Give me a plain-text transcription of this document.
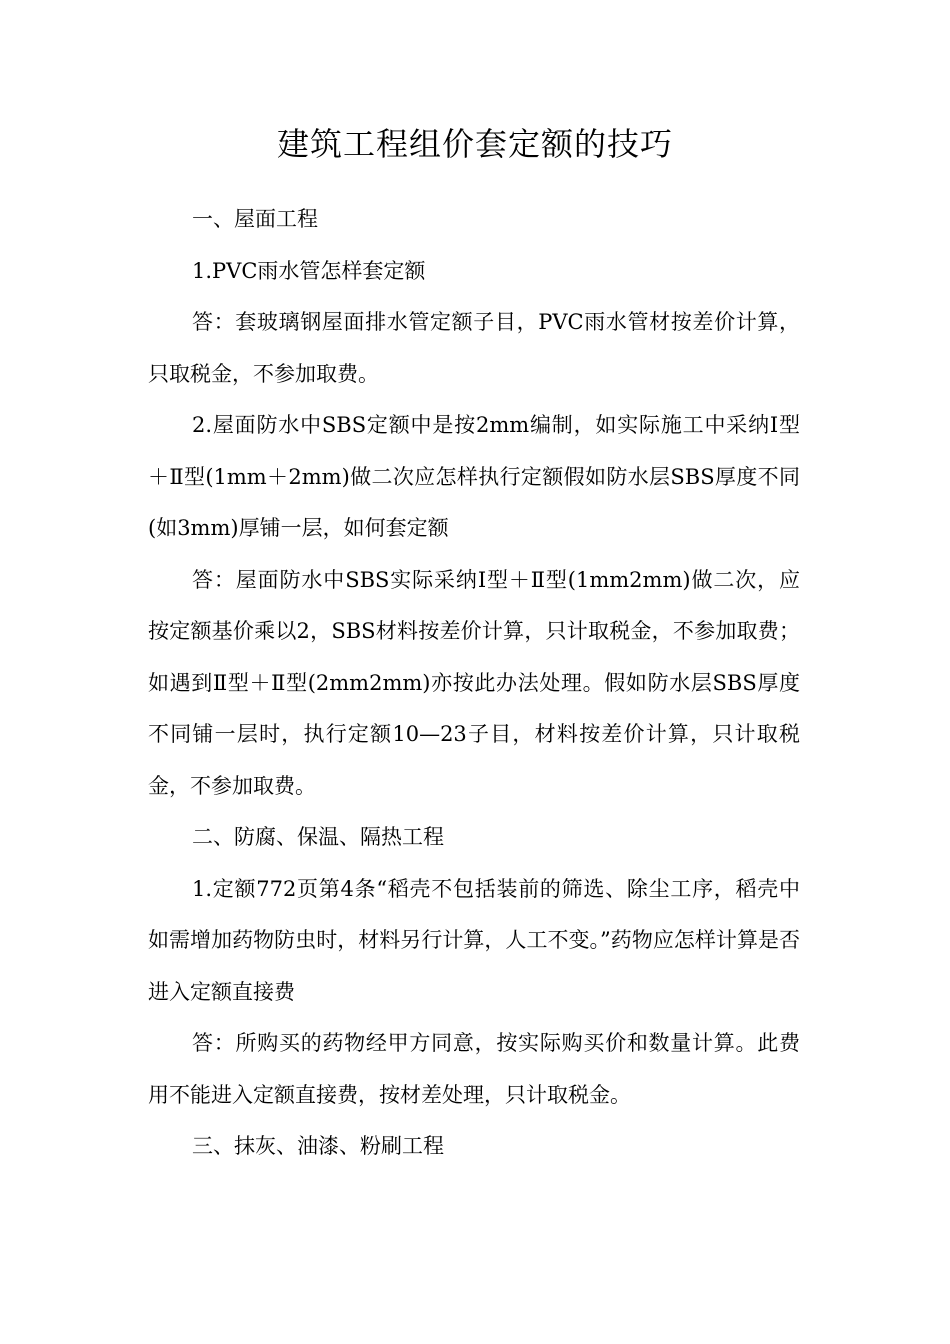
建筑工程组价套定额的技巧

一、屋面工程

1.PVC雨水管怎样套定额

答：套玻璃钢屋面排水管定额子目，PVC雨水管材按差价计算，只取税金，不参加取费。

2.屋面防水中SBS定额中是按2mm编制，如实际施工中采纳Ⅰ型＋Ⅱ型(1mm＋2mm)做二次应怎样执行定额假如防水层SBS厚度不同(如3mm)厚铺一层，如何套定额

答：屋面防水中SBS实际采纳Ⅰ型＋Ⅱ型(1mm2mm)做二次，应按定额基价乘以2，SBS材料按差价计算，只计取税金，不参加取费；如遇到Ⅱ型＋Ⅱ型(2mm2mm)亦按此办法处理。假如防水层SBS厚度不同铺一层时，执行定额10—23子目，材料按差价计算，只计取税金，不参加取费。

二、防腐、保温、隔热工程

1.定额772页第4条“稻壳不包括装前的筛选、除尘工序，稻壳中如需增加药物防虫时，材料另行计算，人工不变。”药物应怎样计算是否进入定额直接费

答：所购买的药物经甲方同意，按实际购买价和数量计算。此费用不能进入定额直接费，按材差处理，只计取税金。

三、抹灰、油漆、粉刷工程
